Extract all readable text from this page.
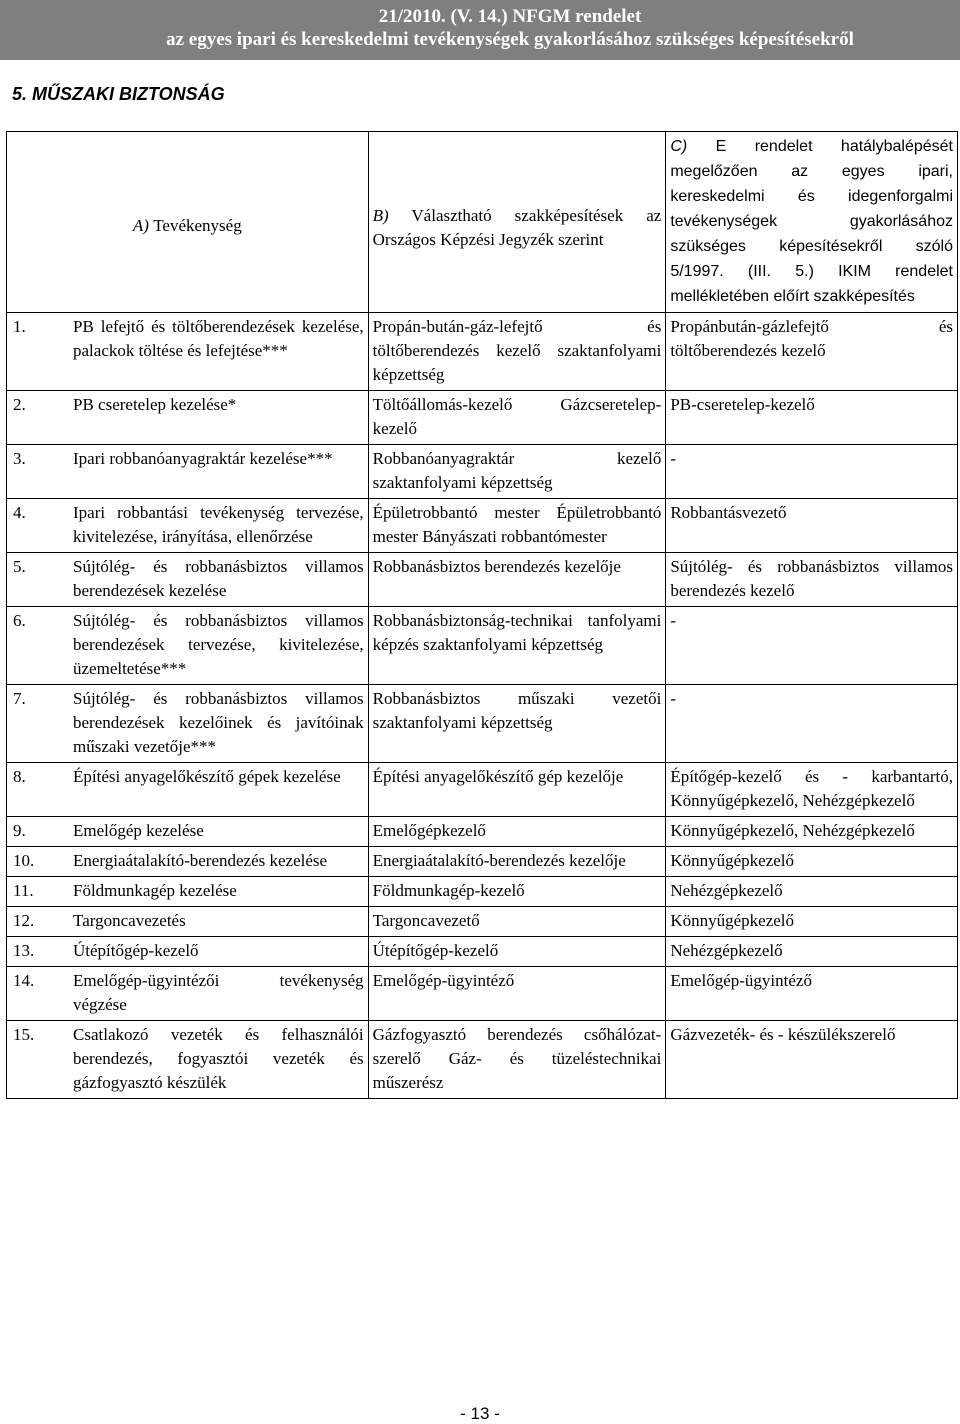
21/2010. (V. 14.) NFGM rendelet
az egyes ipari és kereskedelmi tevékenységek gyakorlásához szükséges képesítésekről
5. MŰSZAKI BIZTONSÁG
A) Tevékenység	B) Választható szakképesítések az Országos Képzési Jegyzék szerint	C) E rendelet hatálybalépését megelőzően az egyes ipari, kereskedelmi és idegenforgalmi tevékenységek gyakorlásához szükséges képesítésekről szóló 5/1997. (III. 5.) IKIM rendelet mellékletében előírt szakképesítés

1. PB lefejtő és töltőberendezések kezelése, palackok töltése és lefejtése***	Propán-bután-gáz-lefejtő és töltőberendezés kezelő szaktanfolyami képzettség	Propánbután-gázlefejtő és töltőberendezés kezelő

2. PB cseretelep kezelése*	Töltőállomás-kezelő Gázcseretelep-kezelő	PB-cseretelep-kezelő

3. Ipari robbanóanyagraktár kezelése***	Robbanóanyagraktár kezelő szaktanfolyami képzettség	-

4. Ipari robbantási tevékenység tervezése, kivitelezése, irányítása, ellenőrzése	Épületrobbantó mester Épületrobbantó mester Bányászati robbantómester	Robbantásvezető

5. Sújtólég- és robbanásbiztos villamos berendezések kezelése	Robbanásbiztos berendezés kezelője	Sújtólég- és robbanásbiztos villamos berendezés kezelő

6. Sújtólég- és robbanásbiztos villamos berendezések tervezése, kivitelezése, üzemeltetése***	Robbanásbiztonság-technikai tanfolyami képzés szaktanfolyami képzettség	-

7. Sújtólég- és robbanásbiztos villamos berendezések kezelőinek és javítóinak műszaki vezetője***	Robbanásbiztos műszaki vezetői szaktanfolyami képzettség	-

8. Építési anyagelőkészítő gépek kezelése	Építési anyagelőkészítő gép kezelője	Építőgép-kezelő és - karbantartó, Könnyűgépkezelő, Nehézgépkezelő

9. Emelőgép kezelése	Emelőgépkezelő	Könnyűgépkezelő, Nehézgépkezelő

10. Energiaátalakító-berendezés kezelése	Energiaátalakító-berendezés kezelője	Könnyűgépkezelő

11. Földmunkagép kezelése	Földmunkagép-kezelő	Nehézgépkezelő

12. Targoncavezetés	Targoncavezető	Könnyűgépkezelő

13. Útépítőgép-kezelő	Útépítőgép-kezelő	Nehézgépkezelő

14. Emelőgép-ügyintézői tevékenység végzése	Emelőgép-ügyintéző	Emelőgép-ügyintéző

15. Csatlakozó vezeték és felhasználói berendezés, fogyasztói vezeték és gázfogyasztó készülék	Gázfogyasztó berendezés csőhálózat-szerelő Gáz- és tüzeléstechnikai műszerész	Gázvezeték- és - készülékszerelő
- 13 -
